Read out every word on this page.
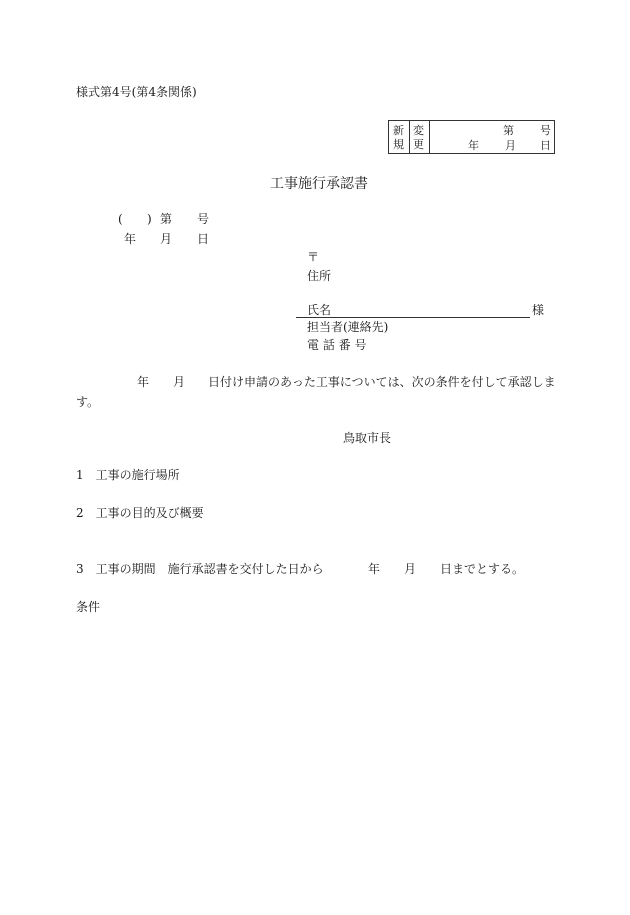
様式第4号(第4条関係)
新
規
変
更
第 号
年 月 日
工事施行承認書
( ) 第 号
年 月 日
〒
住所
氏名	様
担当者(連絡先)
電 話 番 号
年 月 日付け申請のあった工事については、次の条件を付して承認しま
す。
鳥取市長
1　工事の施行場所
2　工事の目的及び概要
3　工事の期間　施行承認書を交付した日から	年 月 日までとする。
条件
